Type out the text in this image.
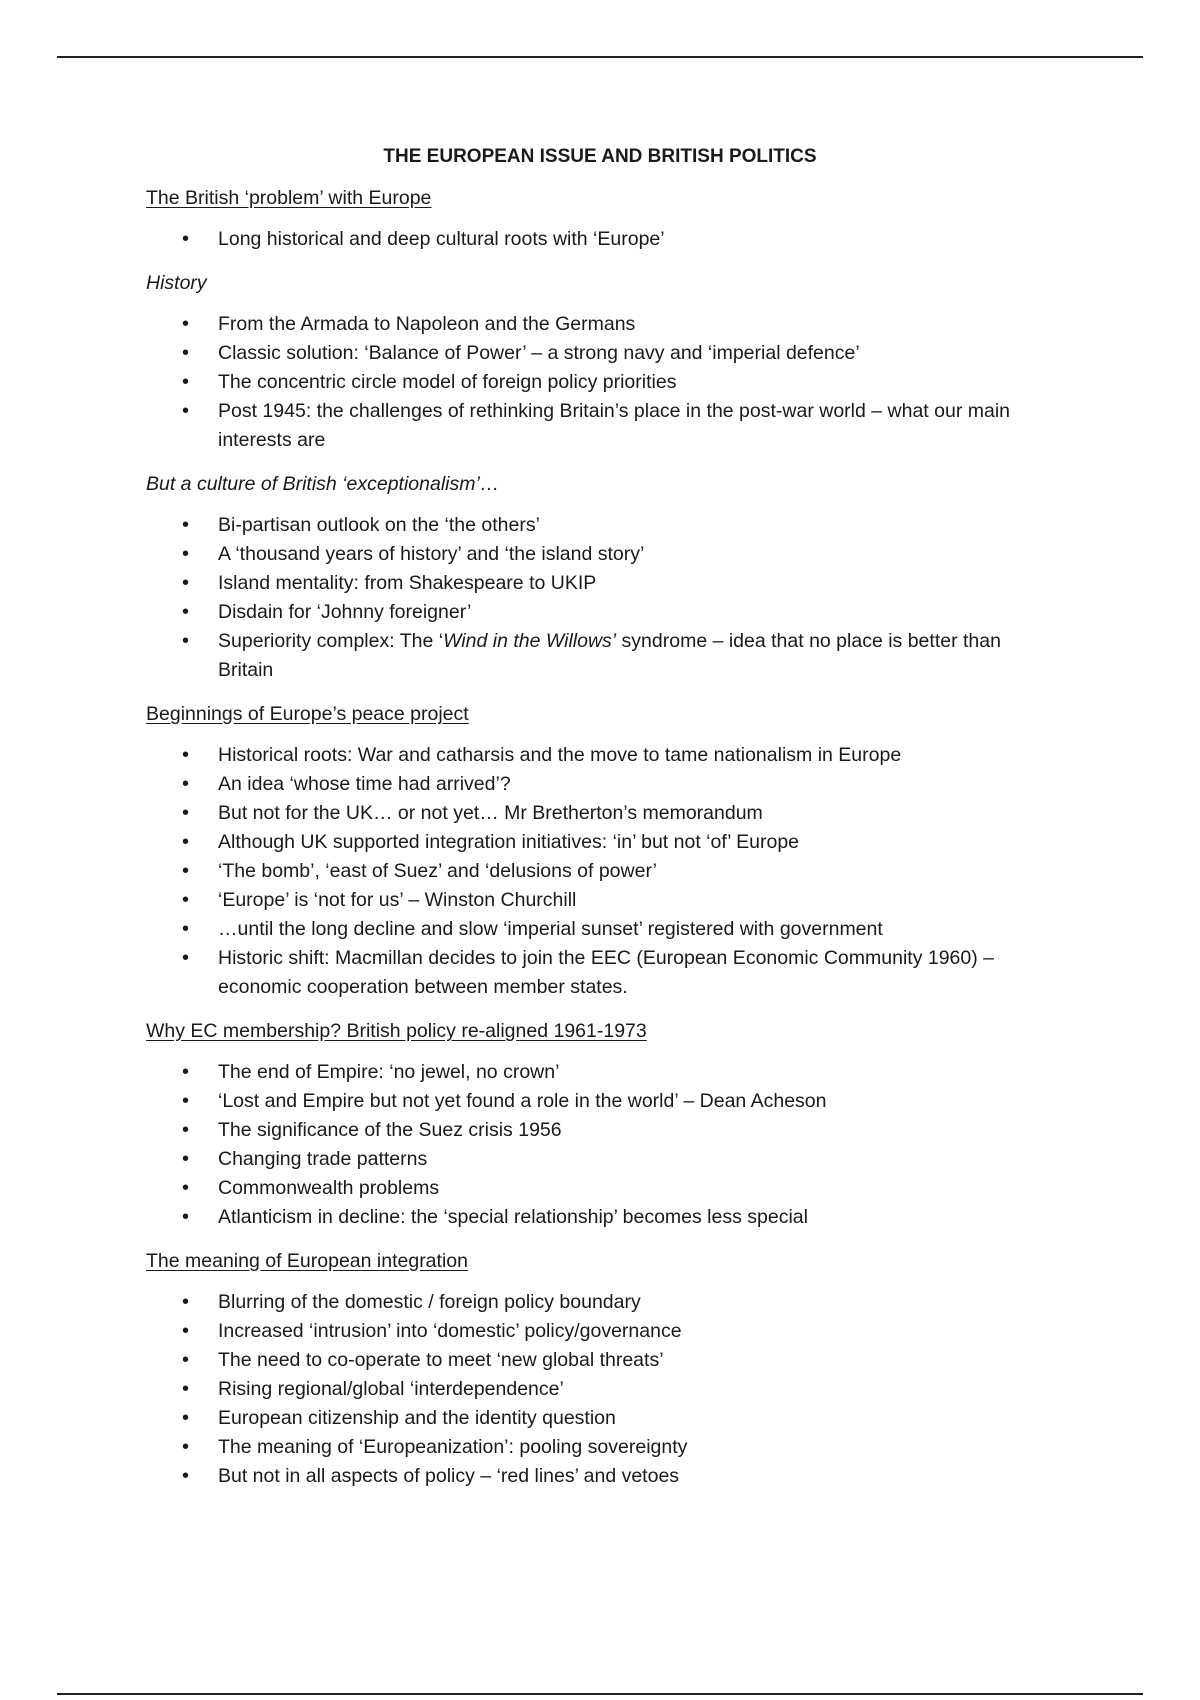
THE EUROPEAN ISSUE AND BRITISH POLITICS
The British ‘problem’ with Europe
• Long historical and deep cultural roots with ‘Europe’
History
• From the Armada to Napoleon and the Germans
• Classic solution: ‘Balance of Power’ – a strong navy and ‘imperial defence’
• The concentric circle model of foreign policy priorities
• Post 1945: the challenges of rethinking Britain’s place in the post-war world – what our main interests are
But a culture of British ‘exceptionalism’…
• Bi-partisan outlook on the ‘the others’
• A ‘thousand years of history’ and ‘the island story’
• Island mentality: from Shakespeare to UKIP
• Disdain for ‘Johnny foreigner’
• Superiority complex: The ‘Wind in the Willows’ syndrome – idea that no place is better than Britain
Beginnings of Europe’s peace project
• Historical roots: War and catharsis and the move to tame nationalism in Europe
• An idea ‘whose time had arrived’?
• But not for the UK… or not yet… Mr Bretherton’s memorandum
• Although UK supported integration initiatives: ‘in’ but not ‘of’ Europe
• ‘The bomb’, ‘east of Suez’ and ‘delusions of power’
• ‘Europe’ is ‘not for us’ – Winston Churchill
• …until the long decline and slow ‘imperial sunset’ registered with government
• Historic shift: Macmillan decides to join the EEC (European Economic Community 1960) – economic cooperation between member states.
Why EC membership? British policy re-aligned 1961-1973
• The end of Empire: ‘no jewel, no crown’
• ‘Lost and Empire but not yet found a role in the world’ – Dean Acheson
• The significance of the Suez crisis 1956
• Changing trade patterns
• Commonwealth problems
• Atlanticism in decline: the ‘special relationship’ becomes less special
The meaning of European integration
• Blurring of the domestic / foreign policy boundary
• Increased ‘intrusion’ into ‘domestic’ policy/governance
• The need to co-operate to meet ‘new global threats’
• Rising regional/global ‘interdependence’
• European citizenship and the identity question
• The meaning of ‘Europeanization’: pooling sovereignty
• But not in all aspects of policy – ‘red lines’ and vetoes
